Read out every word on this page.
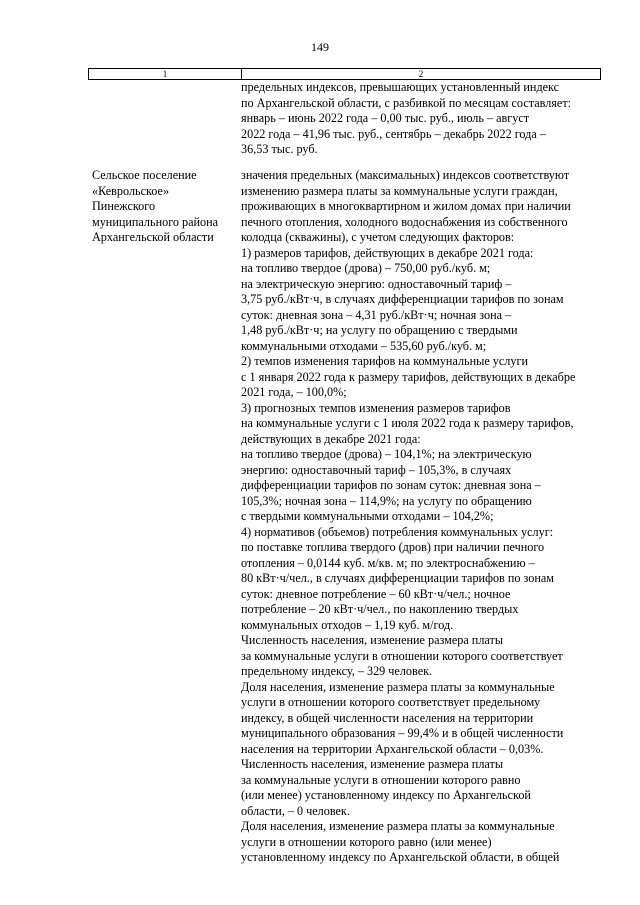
149
1	2
предельных индексов, превышающих установленный индекс
по Архангельской области, с разбивкой по месяцам составляет:
январь – июнь 2022 года – 0,00 тыс. руб., июль – август
2022 года – 41,96 тыс. руб., сентябрь – декабрь 2022 года –
36,53 тыс. руб.
Сельское поселение
«Кеврольское»
Пинежского
муниципального района
Архангельской области
значения предельных (максимальных) индексов соответствуют
изменению размера платы за коммунальные услуги граждан,
проживающих в многоквартирном и жилом домах при наличии
печного отопления, холодного водоснабжения из собственного
колодца (скважины), с учетом следующих факторов:
1) размеров тарифов, действующих в декабре 2021 года:
на топливо твердое (дрова) – 750,00 руб./куб. м;
на электрическую энергию: одноставочный тариф –
3,75 руб./кВт·ч, в случаях дифференциации тарифов по зонам
суток: дневная зона – 4,31 руб./кВт·ч; ночная зона –
1,48 руб./кВт·ч; на услугу по обращению с твердыми
коммунальными отходами – 535,60 руб./куб. м;
2) темпов изменения тарифов на коммунальные услуги
с 1 января 2022 года к размеру тарифов, действующих в декабре
2021 года, – 100,0%;
3) прогнозных темпов изменения размеров тарифов
на коммунальные услуги с 1 июля 2022 года к размеру тарифов,
действующих в декабре 2021 года:
на топливо твердое (дрова) – 104,1%; на электрическую
энергию: одноставочный тариф – 105,3%, в случаях
дифференциации тарифов по зонам суток: дневная зона –
105,3%; ночная зона – 114,9%; на услугу по обращению
с твердыми коммунальными отходами – 104,2%;
4) нормативов (объемов) потребления коммунальных услуг:
по поставке топлива твердого (дров) при наличии печного
отопления – 0,0144 куб. м/кв. м; по электроснабжению –
80 кВт·ч/чел., в случаях дифференциации тарифов по зонам
суток: дневное потребление – 60 кВт·ч/чел.; ночное
потребление – 20 кВт·ч/чел., по накоплению твердых
коммунальных отходов – 1,19 куб. м/год.
Численность населения, изменение размера платы
за коммунальные услуги в отношении которого соответствует
предельному индексу, – 329 человек.
Доля населения, изменение размера платы за коммунальные
услуги в отношении которого соответствует предельному
индексу, в общей численности населения на территории
муниципального образования – 99,4% и в общей численности
населения на территории Архангельской области – 0,03%.
Численность населения, изменение размера платы
за коммунальные услуги в отношении которого равно
(или менее) установленному индексу по Архангельской
области, – 0 человек.
Доля населения, изменение размера платы за коммунальные
услуги в отношении которого равно (или менее)
установленному индексу по Архангельской области, в общей
